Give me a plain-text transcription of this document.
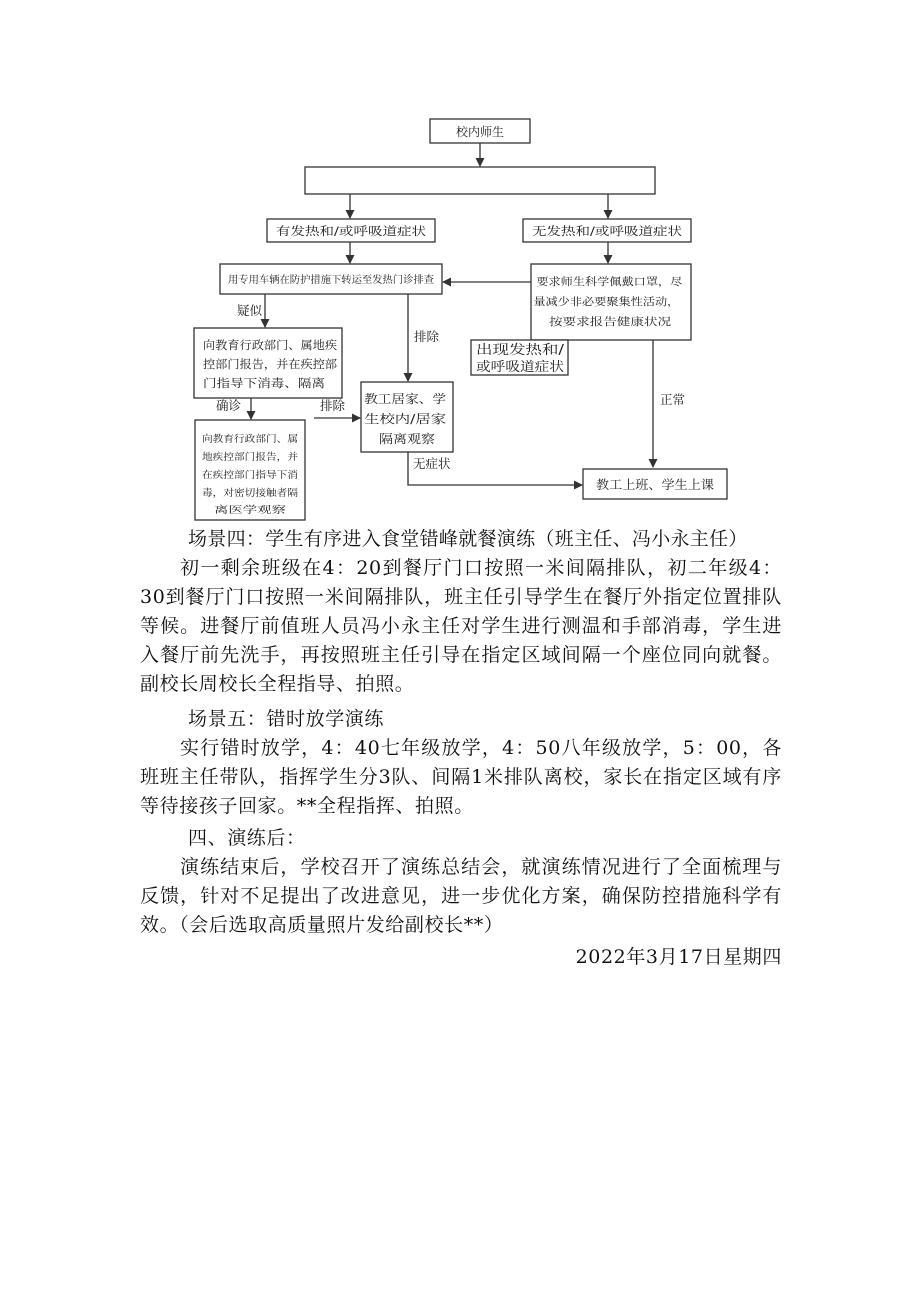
校内师生
有发热和/或呼吸道症状	无发热和/或呼吸道症状
用专用车辆在防护措施下转运至发热门诊排查	要求师生科学佩戴口罩，尽 量减少非必要聚集性活动， 按要求报告健康状况
向教育行政部门、属地疾 控部门报告，并在疾控部 门指导下消毒、隔离
出现发热和/ 或呼吸道症状
教工居家、学 生校内/居家 隔离观察
向教育行政部门、属 地疾控部门报告，并 在疾控部门指导下消 毒，对密切接触者隔 离医学观察
教工上班、学生上课
疑似
排除
确诊	排除	正常
无症状

场景四：学生有序进入食堂错峰就餐演练（班主任、冯小永主任）

初一剩余班级在4：20到餐厅门口按照一米间隔排队，初二年级4：30到餐厅门口按照一米间隔排队，班主任引导学生在餐厅外指定位置排队等候。进餐厅前值班人员冯小永主任对学生进行测温和手部消毒，学生进入餐厅前先洗手，再按照班主任引导在指定区域间隔一个座位同向就餐。副校长周校长全程指导、拍照。

场景五：错时放学演练

实行错时放学，4：40七年级放学，4：50八年级放学，5：00，各班班主任带队，指挥学生分3队、间隔1米排队离校，家长在指定区域有序等待接孩子回家。**全程指挥、拍照。

四、演练后：

演练结束后，学校召开了演练总结会，就演练情况进行了全面梳理与反馈，针对不足提出了改进意见，进一步优化方案，确保防控措施科学有效。（会后选取高质量照片发给副校长**）

2022年3月17日星期四
